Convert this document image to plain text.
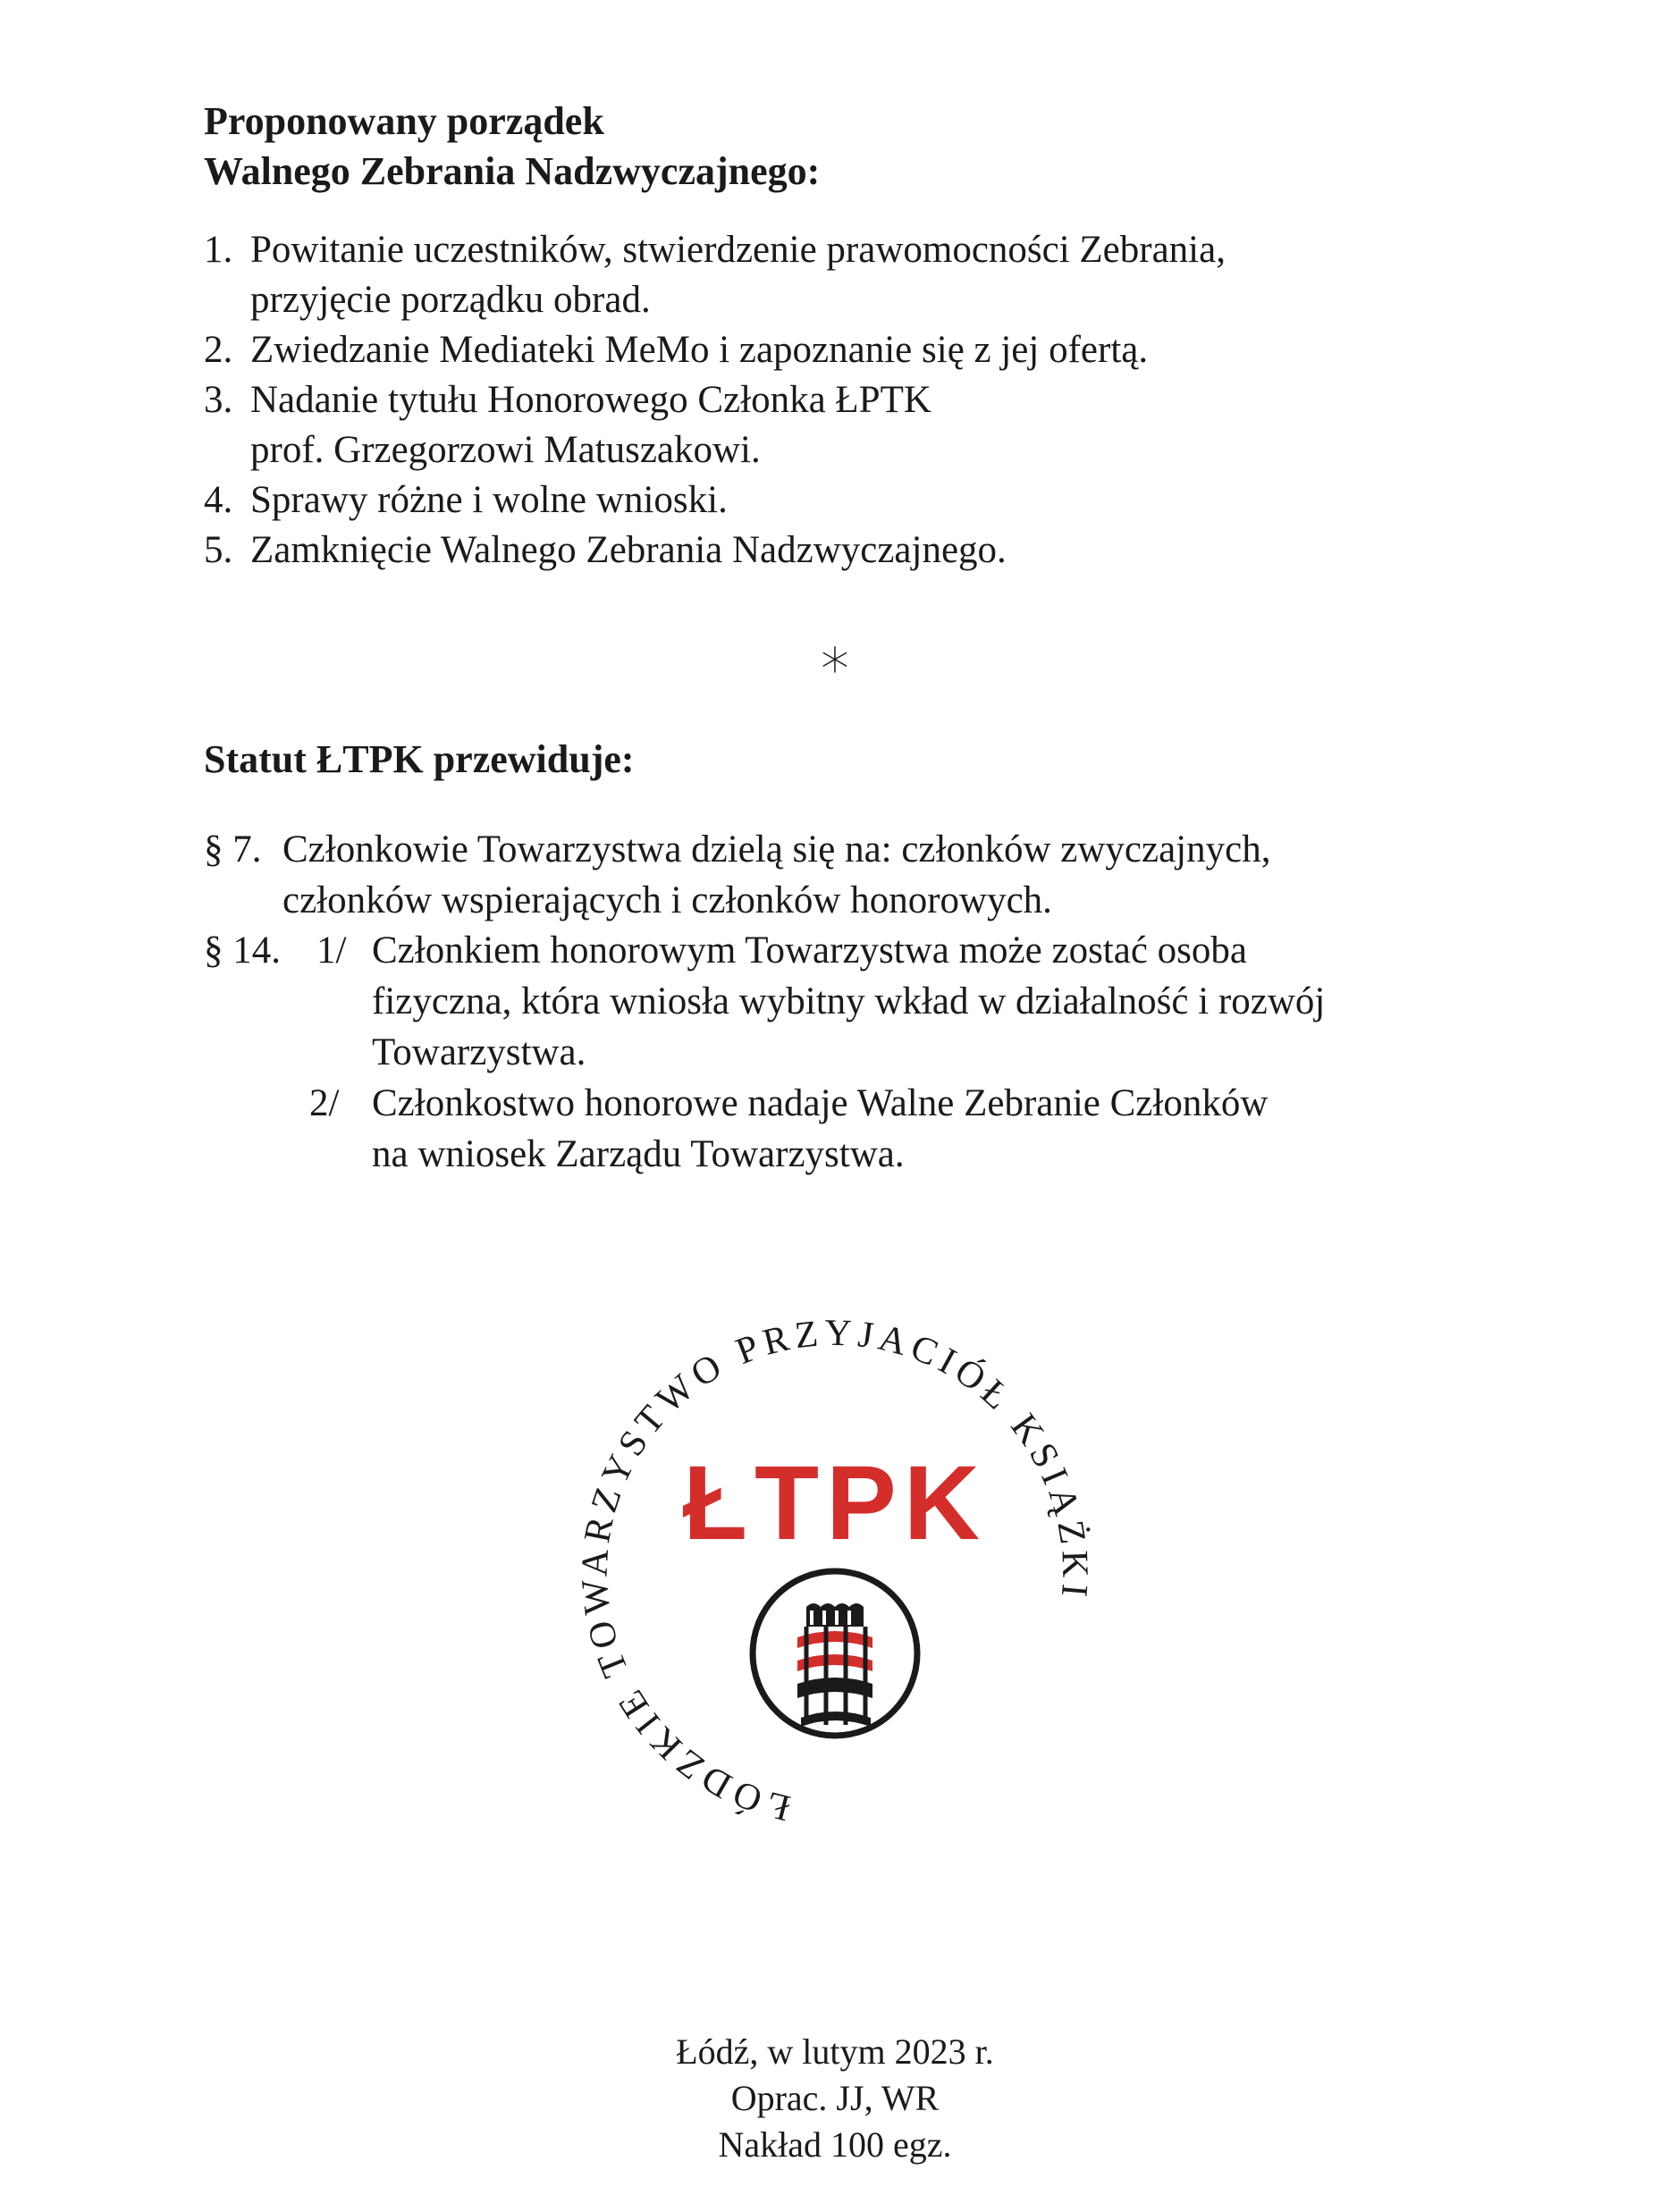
Proponowany porządek
Walnego Zebrania Nadzwyczajnego:
1. Powitanie uczestników, stwierdzenie prawomocności Zebrania,
przyjęcie porządku obrad.
2. Zwiedzanie Mediateki MeMo i zapoznanie się z jej ofertą.
3. Nadanie tytułu Honorowego Członka ŁPTK
prof. Grzegorzowi Matuszakowi.
4. Sprawy różne i wolne wnioski.
5. Zamknięcie Walnego Zebrania Nadzwyczajnego.
*
Statut ŁTPK przewiduje:
§ 7. Członkowie Towarzystwa dzielą się na: członków zwyczajnych,
członków wspierających i członków honorowych.
§ 14. 1/ Członkiem honorowym Towarzystwa może zostać osoba
fizyczna, która wniosła wybitny wkład w działalność i rozwój
Towarzystwa.
2/ Członkostwo honorowe nadaje Walne Zebranie Członków
na wniosek Zarządu Towarzystwa.
ŁÓDZKIE TOWARZYSTWO PRZYJACIÓŁ KSIĄŻKI
ŁTPK
Łódź, w lutym 2023 r.
Oprac. JJ, WR
Nakład 100 egz.
